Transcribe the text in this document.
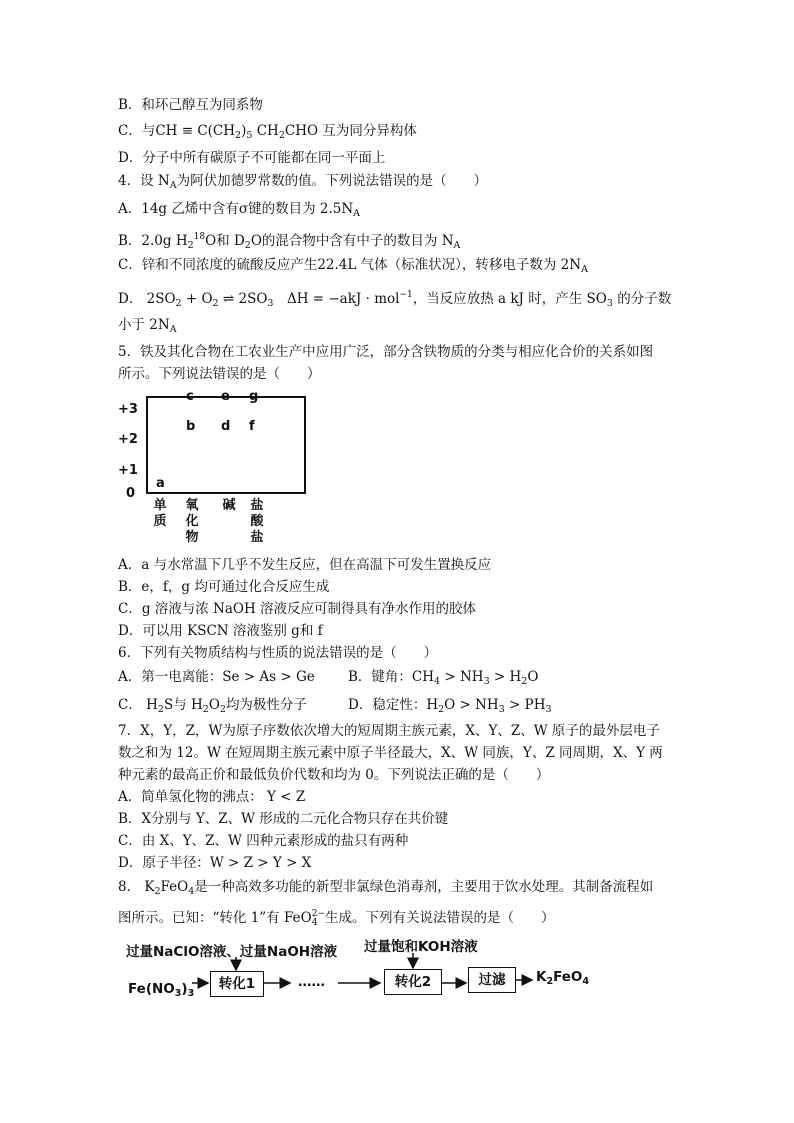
B．和环己醇互为同系物
C．与CH ≡ $C(CH_2)_5$ $CH_2CHO$ 互为同分异构体
D．分子中所有碳原子不可能都在同一平面上
4．设 $N_A$为阿伏加德罗常数的值。下列说法错误的是（　　）
A．14g 乙烯中含有σ键的数目为 $2.5N_A$
B．2.0g $H_2^{18}O$和 $D_2O$的混合物中含有中子的数目为 $N_A$
C．锌和不同浓度的硫酸反应产生22.4L 气体（标准状况），转移电子数为 $2N_A$
D． $2SO_2 + O_2$ ⇌ $2SO_3$　ΔH = −akJ · mol$^{-1}$，当反应放热 a kJ 时，产生 $SO_3$ 的分子数
小于 $2N_A$
5．铁及其化合物在工农业生产中应用广泛，部分含铁物质的分类与相应化合价的关系如图
所示。下列说法错误的是（　　）
+3
+2
+1
0
a
b
c
d
e
f
g
单质
氧化物
碱 盐酸盐
A．a 与水常温下几乎不发生反应，但在高温下可发生置换反应
B．e，f，g 均可通过化合反应生成
C．g 溶液与浓 NaOH 溶液反应可制得具有净水作用的胶体
D．可以用 KSCN 溶液鉴别 g和 f
6．下列有关物质结构与性质的说法错误的是（　　）
A．第一电离能：Se > As > Ge B．键角：$CH_4 > NH_3 > H_2O$
C． $H_2S$与 $H_2O_2$均为极性分子	D．稳定性：$H_2O > NH_3 > PH_3$
7．X，Y，Z，W为原子序数依次增大的短周期主族元素，X、Y、Z、W 原子的最外层电子
数之和为 12。W 在短周期主族元素中原子半径最大，X、W 同族，Y、Z 同周期，X、Y 两
种元素的最高正价和最低负价代数和均为 0。下列说法正确的是（　　）
A．简单氢化物的沸点： Y < Z
B．X分别与 Y、Z、W 形成的二元化合物只存在共价键
C．由 X、Y、Z、W 四种元素形成的盐只有两种
D．原子半径：W > Z > Y > X
8． $K_2FeO_4$是一种高效多功能的新型非氯绿色消毒剂，主要用于饮水处理。其制备流程如
图所示。已知：“转化 1”有 FeO$_4^{2-}$生成。下列有关说法错误的是（　　）
过量NaClO溶液、过量NaOH溶液 过量饱和KOH溶液
$Fe(NO_3)_3$
转化1	……	转化2	过滤	$K_2FeO_4$
